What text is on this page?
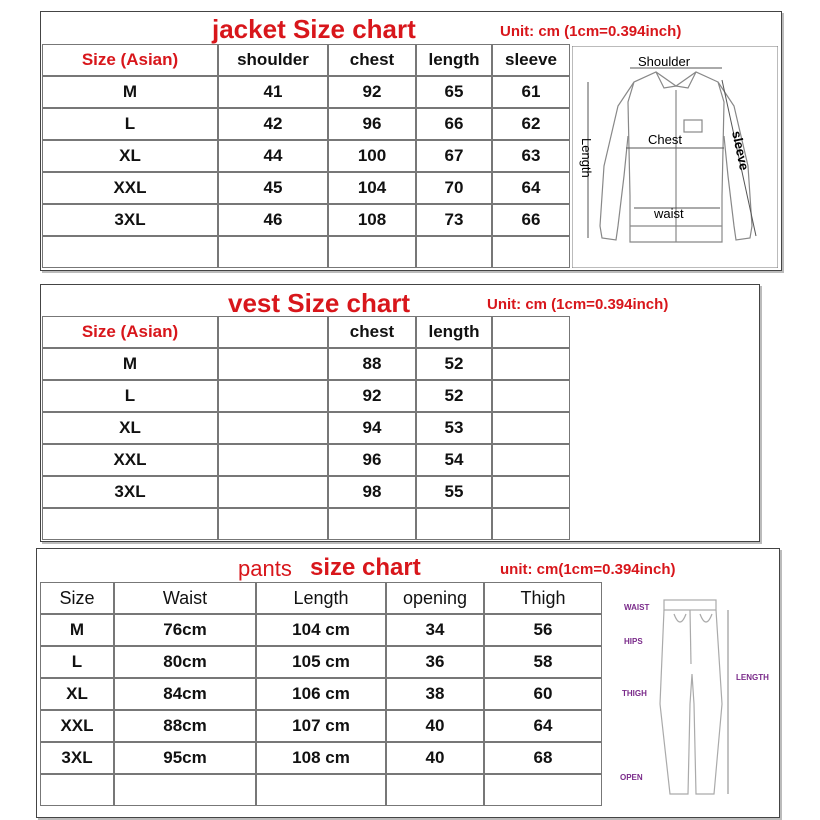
jacket Size chart	Unit: cm (1cm=0.394inch)
Shoulder
Chest
waist
Length	sleeve
vest Size chart	Unit: cm (1cm=0.394inch)
pants size chart	unit: cm(1cm=0.394inch)
WAIST
HIPS
THIGH
OPEN
LENGTH
Size (Asian)	shoulder	chest	length	sleeve
M	41	92	65	61
L	42	96	66	62
XL	44	100	67	63
XXL	45	104	70	64
3XL	46	108	73	66
Size (Asian)	chest	length
M	88	52
L	92	52
XL	94	53
XXL	96	54
3XL	98	55
Size	Waist	Length	opening	Thigh
M	76 cm	104 cm	34	56
L	80 cm	105 cm	36	58
XL	84 cm	106 cm	38	60
XXL	88 cm	107 cm	40	64
3XL	95 cm	108 cm	40	68
